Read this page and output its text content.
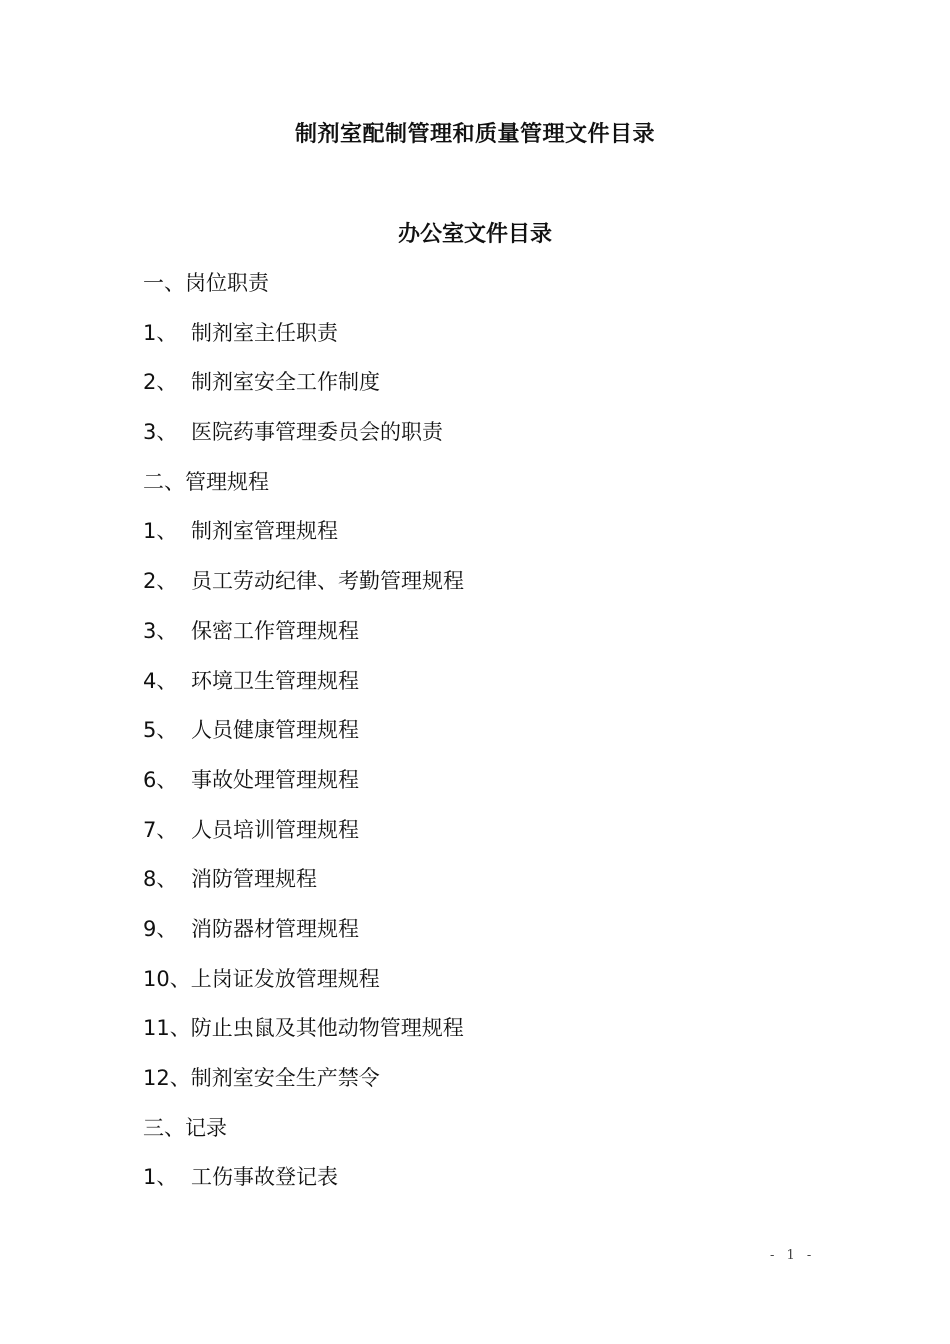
制剂室配制管理和质量管理文件目录
办公室文件目录
一、岗位职责
1、 制剂室主任职责
2、 制剂室安全工作制度
3、 医院药事管理委员会的职责
二、管理规程
1、 制剂室管理规程
2、 员工劳动纪律、考勤管理规程
3、 保密工作管理规程
4、 环境卫生管理规程
5、 人员健康管理规程
6、 事故处理管理规程
7、 人员培训管理规程
8、 消防管理规程
9、 消防器材管理规程
10、上岗证发放管理规程
11、防止虫鼠及其他动物管理规程
12、制剂室安全生产禁令
三、记录
1、 工伤事故登记表
- 1 -
